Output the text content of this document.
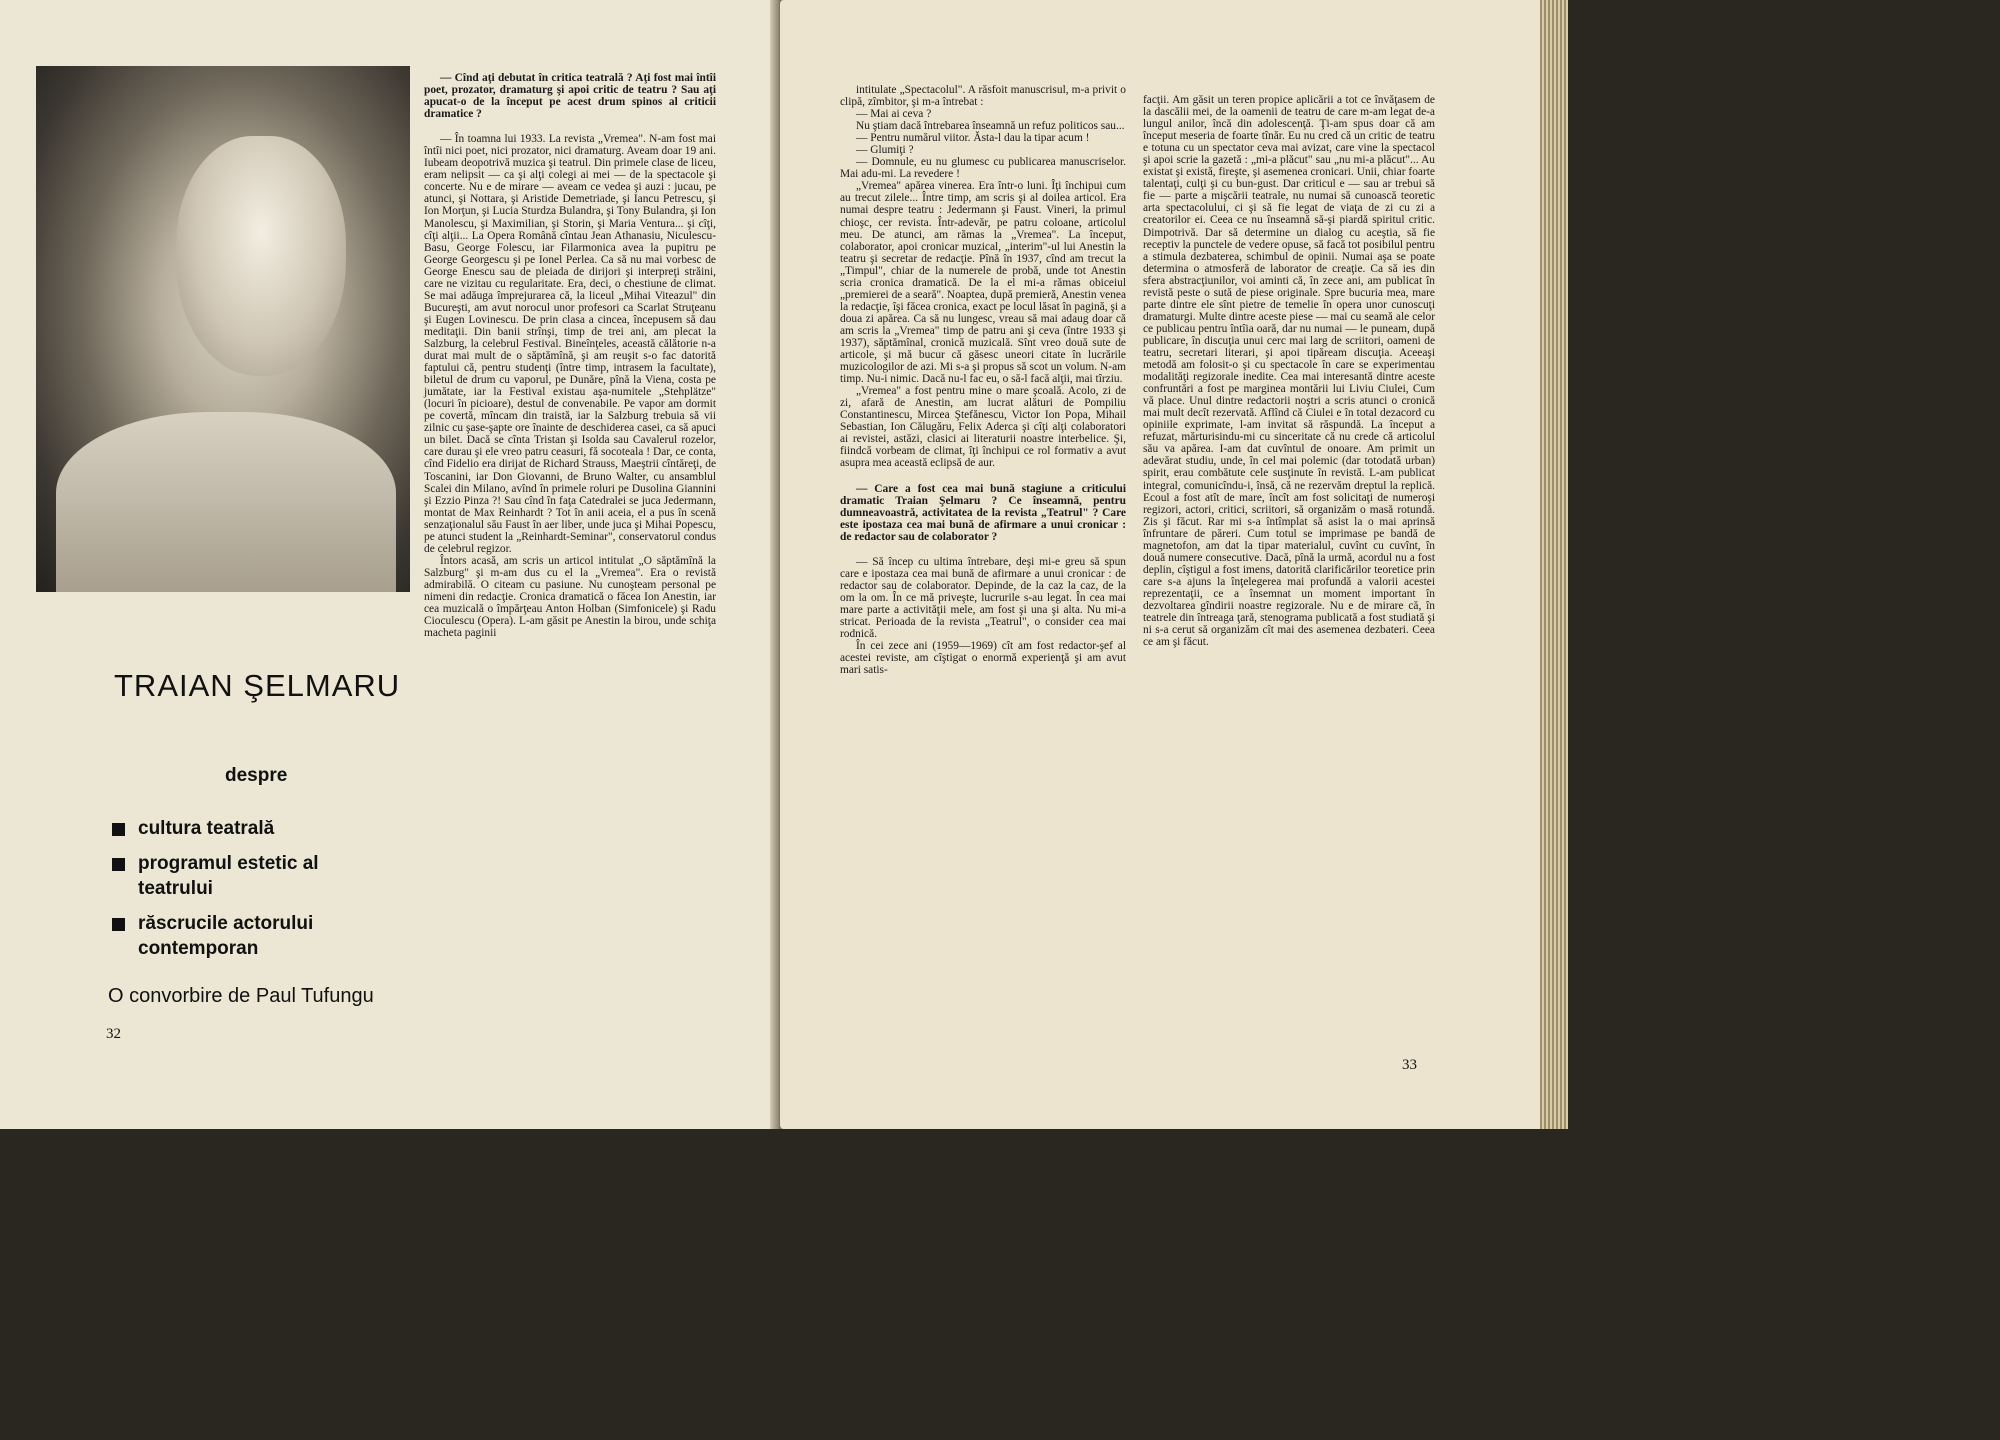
TRAIAN ŞELMARU
despre
cultura teatrală
programul estetic al teatrului
răscrucile actorului contemporan
O convorbire de Paul Tufungu
32

— Cînd aţi debutat în critica teatrală ? Aţi fost mai întîi poet, prozator, dramaturg şi apoi critic de teatru ? Sau aţi apucat-o de la început pe acest drum spinos al criticii dramatice ?

— În toamna lui 1933. La revista „Vremea". N-am fost mai întîi nici poet, nici prozator, nici dramaturg. Aveam doar 19 ani. Iubeam deopotrivă muzica şi teatrul. Din primele clase de liceu, eram nelipsit — ca şi alţi colegi ai mei — de la spectacole şi concerte. Nu e de mirare — aveam ce vedea şi auzi : jucau, pe atunci, şi Nottara, şi Aristide Demetriade, şi Iancu Petrescu, şi Ion Morţun, şi Lucia Sturdza Bulandra, şi Tony Bulandra, şi Ion Manolescu, şi Maximilian, şi Storin, şi Maria Ventura... şi cîţi, cîţi alţii... La Opera Română cîntau Jean Athanasiu, Niculescu-Basu, George Folescu, iar Filarmonica avea la pupitru pe George Georgescu şi pe Ionel Perlea. Ca să nu mai vorbesc de George Enescu sau de pleiada de dirijori şi interpreţi străini, care ne vizitau cu regularitate. Era, deci, o chestiune de climat. Se mai adăuga împrejurarea că, la liceul „Mihai Viteazul" din Bucureşti, am avut norocul unor profesori ca Scarlat Struţeanu şi Eugen Lovinescu. De prin clasa a cincea, începusem să dau meditaţii. Din banii strînşi, timp de trei ani, am plecat la Salzburg, la celebrul Festival. Bineînţeles, această călătorie n-a durat mai mult de o săptămînă, şi am reuşit s-o fac datorită faptului că, pentru studenţi (între timp, intrasem la facultate), biletul de drum cu vaporul, pe Dunăre, pînă la Viena, costa pe jumătate, iar la Festival existau aşa-numitele „Stehplätze" (locuri în picioare), destul de convenabile. Pe vapor am dormit pe covertă, mîncam din traistă, iar la Salzburg trebuia să vii zilnic cu şase-şapte ore înainte de deschiderea casei, ca să apuci un bilet. Dacă se cînta Tristan şi Isolda sau Cavalerul rozelor, care durau şi ele vreo patru ceasuri, fă socoteala ! Dar, ce conta, cînd Fidelio era dirijat de Richard Strauss, Maeştrii cîntăreţi, de Toscanini, iar Don Giovanni, de Bruno Walter, cu ansamblul Scalei din Milano, avînd în primele roluri pe Dusolina Giannini şi Ezzio Pinza ?! Sau cînd în faţa Catedralei se juca Jedermann, montat de Max Reinhardt ? Tot în anii aceia, el a pus în scenă senzaţionalul său Faust în aer liber, unde juca şi Mihai Popescu, pe atunci student la „Reinhardt-Seminar", conservatorul condus de celebrul regizor.

Întors acasă, am scris un articol intitulat „O săptămînă la Salzburg" şi m-am dus cu el la „Vremea". Era o revistă admirabilă. O citeam cu pasiune. Nu cunoşteam personal pe nimeni din redacţie. Cronica dramatică o făcea Ion Anestin, iar cea muzicală o împărţeau Anton Holban (Simfonicele) şi Radu Cioculescu (Opera). L-am găsit pe Anestin la birou, unde schiţa macheta paginii

intitulate „Spectacolul". A răsfoit manuscrisul, m-a privit o clipă, zîmbitor, şi m-a întrebat :

— Mai ai ceva ?

Nu ştiam dacă întrebarea înseamnă un refuz politicos sau...

— Pentru numărul viitor. Ăsta-l dau la tipar acum !

— Glumiţi ?

— Domnule, eu nu glumesc cu publicarea manuscriselor. Mai adu-mi. La revedere !

„Vremea" apărea vinerea. Era într-o luni. Îţi închipui cum au trecut zilele... Între timp, am scris şi al doilea articol. Era numai despre teatru : Jedermann şi Faust. Vineri, la primul chioşc, cer revista. Într-adevăr, pe patru coloane, articolul meu. De atunci, am rămas la „Vremea". La început, colaborator, apoi cronicar muzical, „interim"-ul lui Anestin la teatru şi secretar de redacţie. Pînă în 1937, cînd am trecut la „Timpul", chiar de la numerele de probă, unde tot Anestin scria cronica dramatică. De la el mi-a rămas obiceiul „premierei de a seară". Noaptea, după premieră, Anestin venea la redacţie, îşi făcea cronica, exact pe locul lăsat în pagină, şi a doua zi apărea. Ca să nu lungesc, vreau să mai adaug doar că am scris la „Vremea" timp de patru ani şi ceva (între 1933 şi 1937), săptămînal, cronică muzicală. Sînt vreo două sute de articole, şi mă bucur că găsesc uneori citate în lucrările muzicologilor de azi. Mi s-a şi propus să scot un volum. N-am timp. Nu-i nimic. Dacă nu-l fac eu, o să-l facă alţii, mai tîrziu.

„Vremea" a fost pentru mine o mare şcoală. Acolo, zi de zi, afară de Anestin, am lucrat alături de Pompiliu Constantinescu, Mircea Ştefănescu, Victor Ion Popa, Mihail Sebastian, Ion Călugăru, Felix Aderca şi cîţi alţi colaboratori ai revistei, astăzi, clasici ai literaturii noastre interbelice. Şi, fiindcă vorbeam de climat, îţi închipui ce rol formativ a avut asupra mea această eclipsă de aur.

— Care a fost cea mai bună stagiune a criticului dramatic Traian Şelmaru ? Ce înseamnă, pentru dumneavoastră, activitatea de la revista „Teatrul" ? Care este ipostaza cea mai bună de afirmare a unui cronicar : de redactor sau de colaborator ?

— Să încep cu ultima întrebare, deşi mi-e greu să spun care e ipostaza cea mai bună de afirmare a unui cronicar : de redactor sau de colaborator. Depinde, de la caz la caz, de la om la om. În ce mă priveşte, lucrurile s-au legat. În cea mai mare parte a activităţii mele, am fost şi una şi alta. Nu mi-a stricat. Perioada de la revista „Teatrul", o consider cea mai rodnică.

În cei zece ani (1959—1969) cît am fost redactor-şef al acestei reviste, am cîştigat o enormă experienţă şi am avut mari satis-

facţii. Am găsit un teren propice aplicării a tot ce învăţasem de la dascălii mei, de la oamenii de teatru de care m-am legat de-a lungul anilor, încă din adolescenţă. Ţi-am spus doar că am început meseria de foarte tînăr. Eu nu cred că un critic de teatru e totuna cu un spectator ceva mai avizat, care vine la spectacol şi apoi scrie la gazetă : „mi-a plăcut" sau „nu mi-a plăcut"... Au existat şi există, fireşte, şi asemenea cronicari. Unii, chiar foarte talentaţi, culţi şi cu bun-gust. Dar criticul e — sau ar trebui să fie — parte a mişcării teatrale, nu numai să cunoască teoretic arta spectacolului, ci şi să fie legat de viaţa de zi cu zi a creatorilor ei. Ceea ce nu înseamnă să-şi piardă spiritul critic. Dimpotrivă. Dar să determine un dialog cu aceştia, să fie receptiv la punctele de vedere opuse, să facă tot posibilul pentru a stimula dezbaterea, schimbul de opinii. Numai aşa se poate determina o atmosferă de laborator de creaţie. Ca să ies din sfera abstracţiunilor, voi aminti că, în zece ani, am publicat în revistă peste o sută de piese originale. Spre bucuria mea, mare parte dintre ele sînt pietre de temelie în opera unor cunoscuţi dramaturgi. Multe dintre aceste piese — mai cu seamă ale celor ce publicau pentru întîia oară, dar nu numai — le puneam, după publicare, în discuţia unui cerc mai larg de scriitori, oameni de teatru, secretari literari, şi apoi tipăream discuţia. Aceeaşi metodă am folosit-o şi cu spectacole în care se experimentau modalităţi regizorale inedite. Cea mai interesantă dintre aceste confruntări a fost pe marginea montării lui Liviu Ciulei, Cum vă place. Unul dintre redactorii noştri a scris atunci o cronică mai mult decît rezervată. Aflînd că Ciulei e în total dezacord cu opiniile exprimate, l-am invitat să răspundă. La început a refuzat, mărturisindu-mi cu sinceritate că nu crede că articolul său va apărea. I-am dat cuvîntul de onoare. Am primit un adevărat studiu, unde, în cel mai polemic (dar totodată urban) spirit, erau combătute cele susţinute în revistă. L-am publicat integral, comunicîndu-i, însă, că ne rezervăm dreptul la replică. Ecoul a fost atît de mare, încît am fost solicitaţi de numeroşi regizori, actori, critici, scriitori, să organizăm o masă rotundă. Zis şi făcut. Rar mi s-a întîmplat să asist la o mai aprinsă înfruntare de păreri. Cum totul se imprimase pe bandă de magnetofon, am dat la tipar materialul, cuvînt cu cuvînt, în două numere consecutive. Dacă, pînă la urmă, acordul nu a fost deplin, cîştigul a fost imens, datorită clarificărilor teoretice prin care s-a ajuns la înţelegerea mai profundă a valorii acestei reprezentaţii, ce a însemnat un moment important în dezvoltarea gîndirii noastre regizorale. Nu e de mirare că, în teatrele din întreaga ţară, stenograma publicată a fost studiată şi ni s-a cerut să organizăm cît mai des asemenea dezbateri. Ceea ce am şi făcut.

33
